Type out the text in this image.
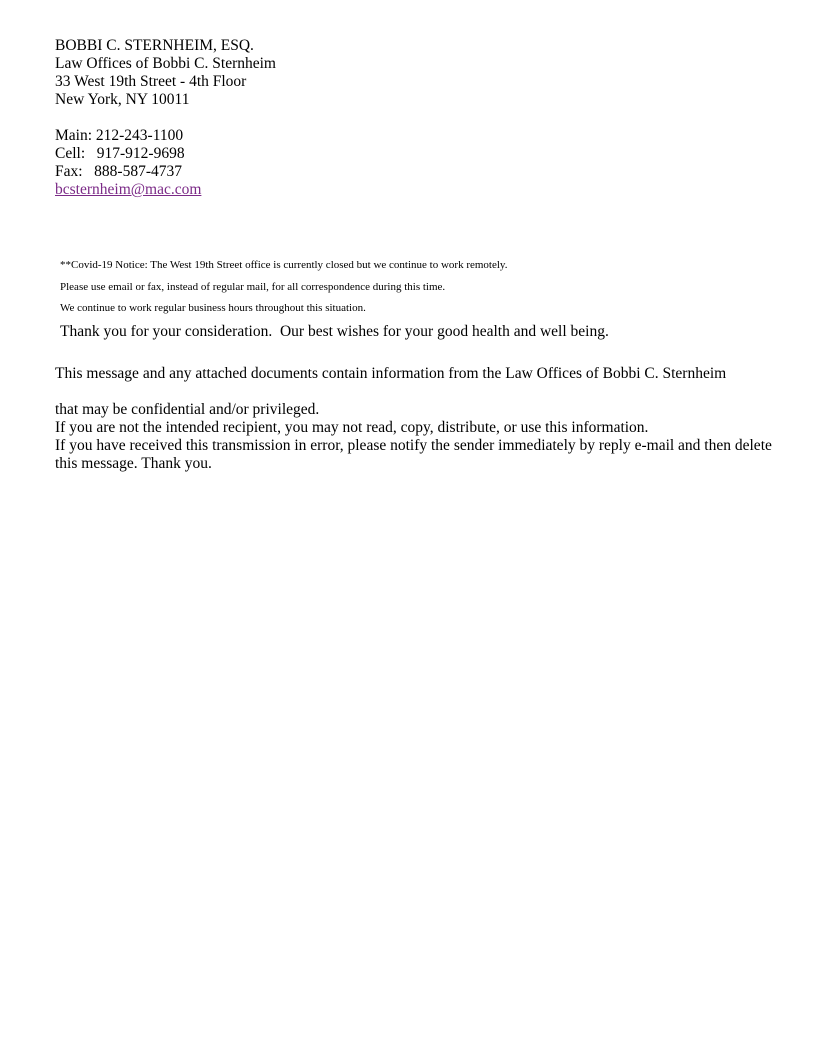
BOBBI C. STERNHEIM, ESQ.
Law Offices of Bobbi C. Sternheim
33 West 19th Street - 4th Floor
New York, NY 10011
Main: 212-243-1100
Cell:   917-912-9698
Fax:   888-587-4737
bcsternheim@mac.com
**Covid-19 Notice: The West 19th Street office is currently closed but we continue to work remotely.
Please use email or fax, instead of regular mail, for all correspondence during this time.
We continue to work regular business hours throughout this situation.
Thank you for your consideration.  Our best wishes for your good health and well being.
This message and any attached documents contain information from the Law Offices of Bobbi C. Sternheim
that may be confidential and/or privileged.
If you are not the intended recipient, you may not read, copy, distribute, or use this information.
If you have received this transmission in error, please notify the sender immediately by reply e-mail and then delete this message. Thank you.
